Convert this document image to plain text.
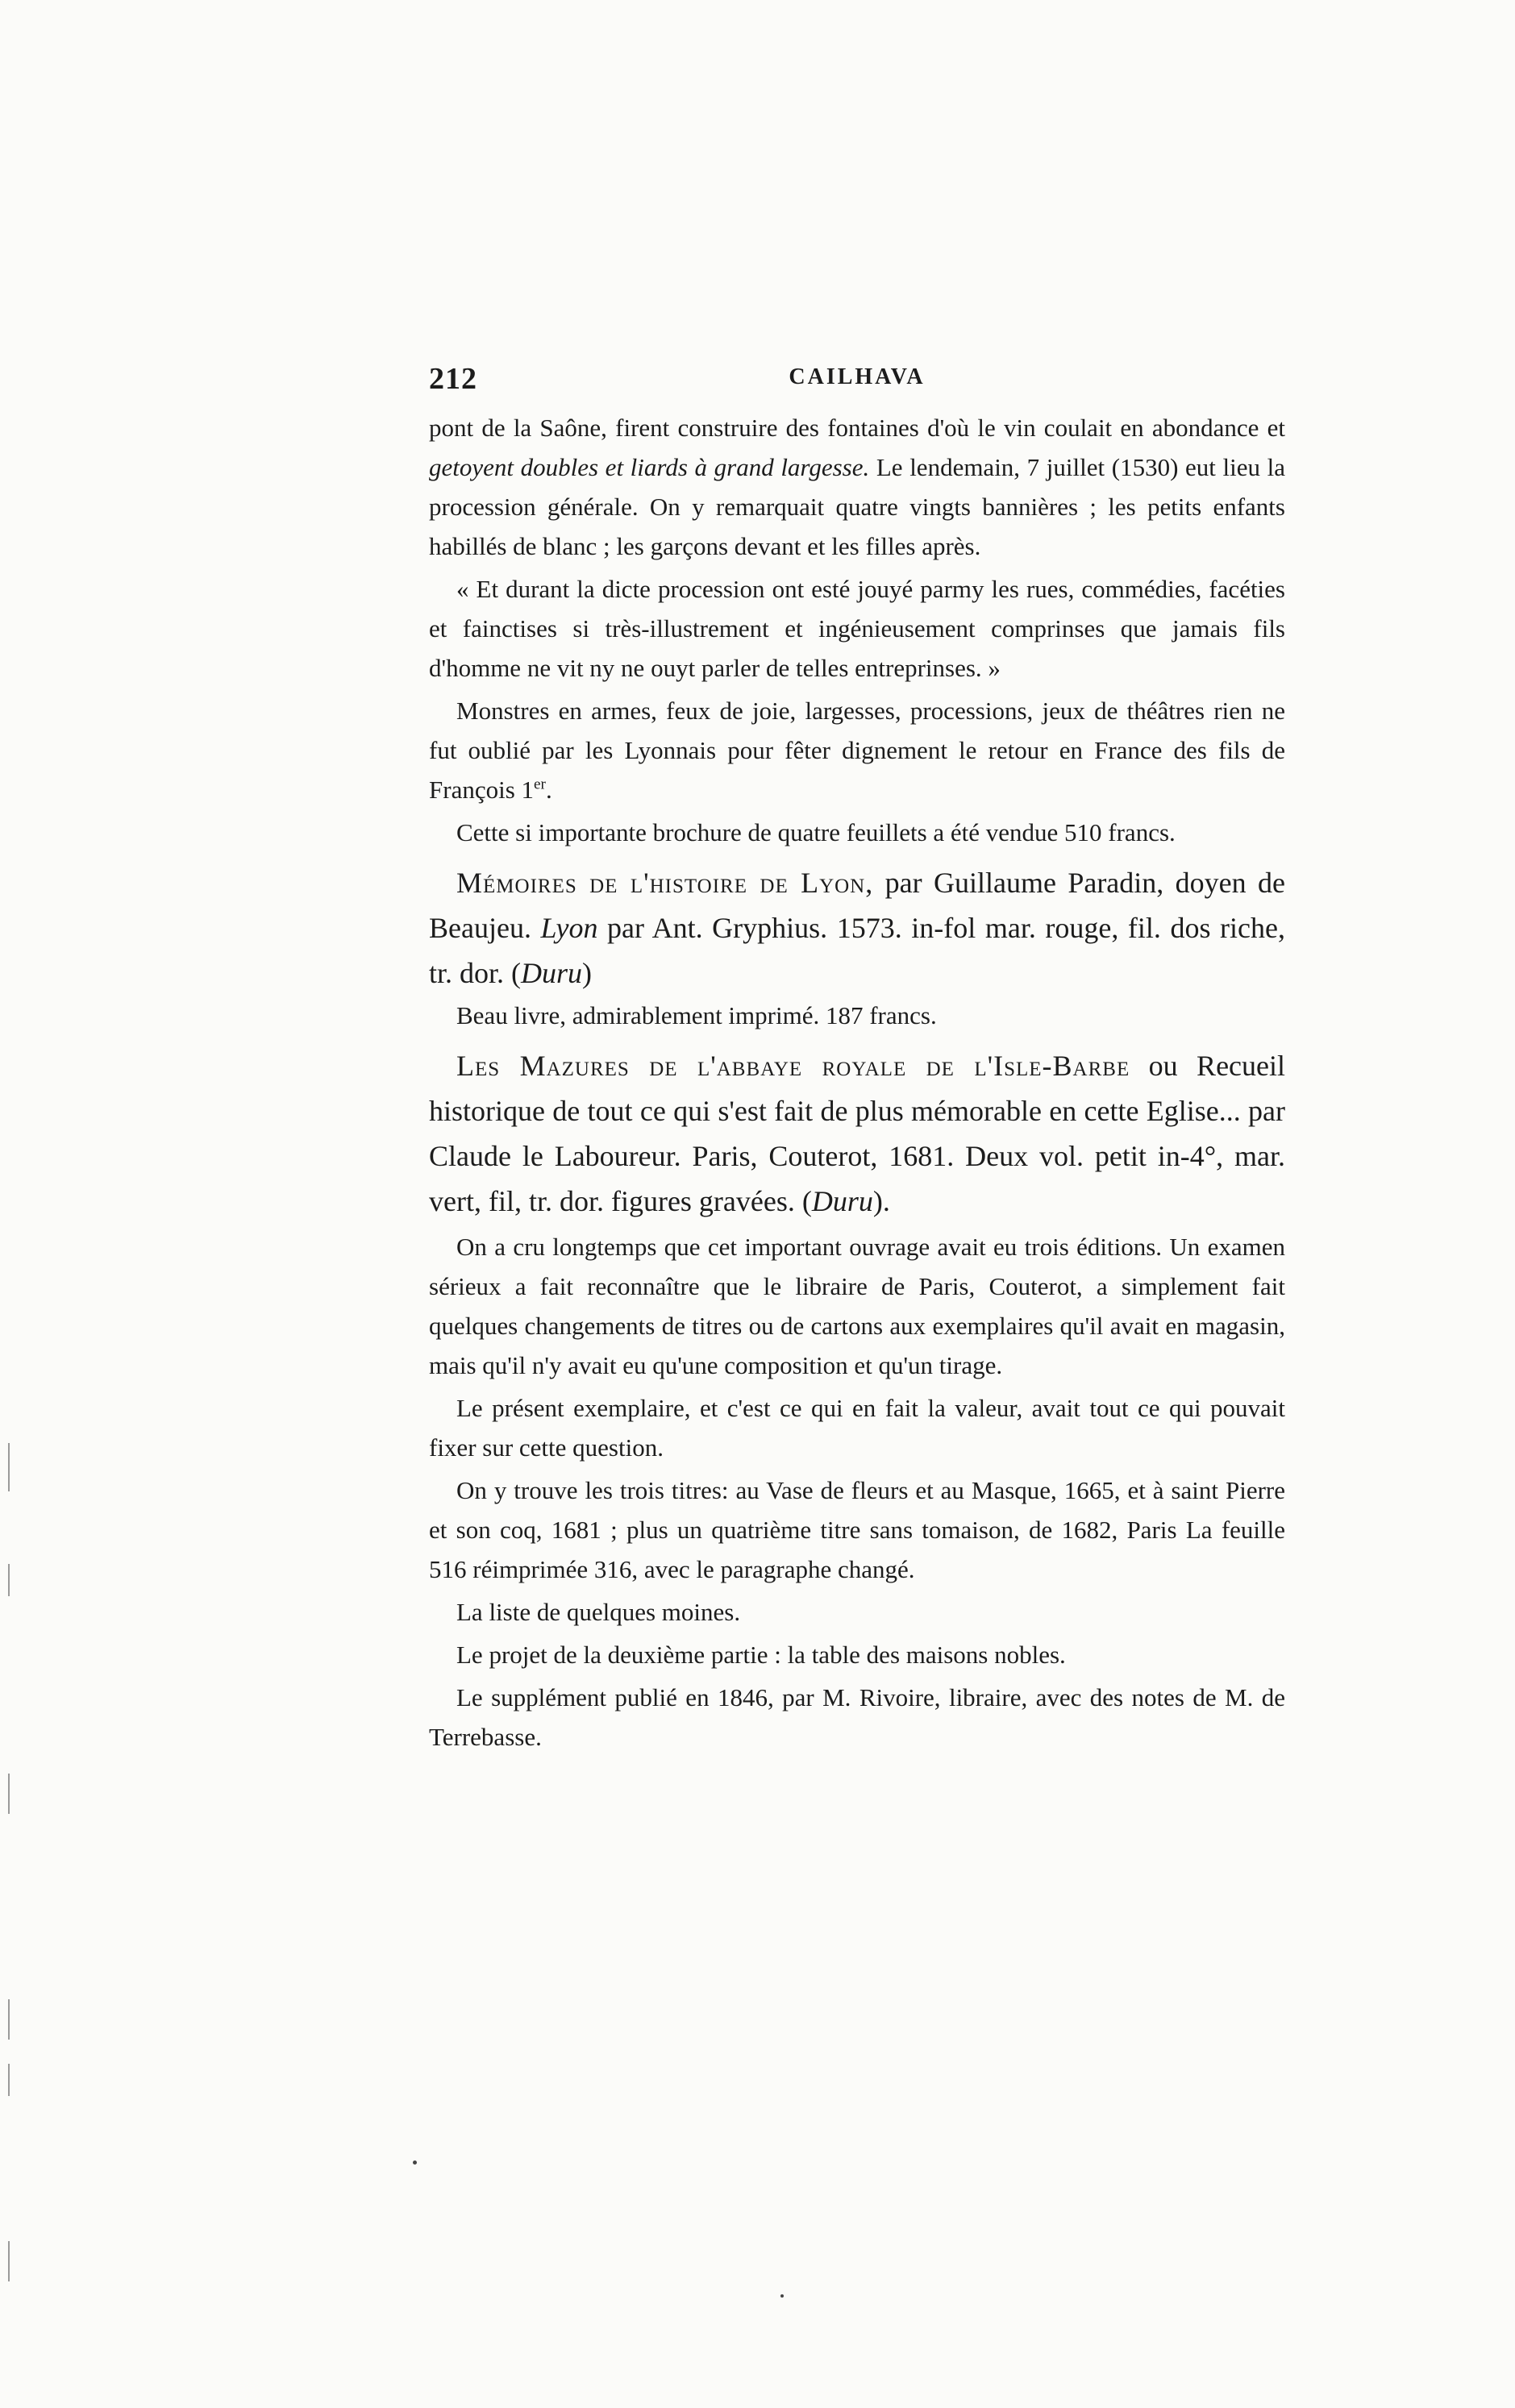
212	CAILHAVA

pont de la Saône, firent construire des fontaines d'où le vin coulait en abondance et getoyent doubles et liards à grand largesse. Le lendemain, 7 juillet (1530) eut lieu la procession générale. On y remarquait quatre vingts bannières ; les petits enfants habillés de blanc ; les garçons devant et les filles après.

« Et durant la dicte procession ont esté jouyé parmy les rues, commédies, facéties et fainctises si très-illustrement et ingénieusement comprinses que jamais fils d'homme ne vit ny ne ouyt parler de telles entreprinses. »

Monstres en armes, feux de joie, largesses, processions, jeux de théâtres rien ne fut oublié par les Lyonnais pour fêter dignement le retour en France des fils de François 1er.

Cette si importante brochure de quatre feuillets a été vendue 510 francs.

Mémoires de l'histoire de Lyon, par Guillaume Paradin, doyen de Beaujeu. Lyon par Ant. Gryphius. 1573. in-fol mar. rouge, fil. dos riche, tr. dor. (Duru)

Beau livre, admirablement imprimé. 187 francs.

Les Mazures de l'abbaye royale de l'Isle-Barbe ou Recueil historique de tout ce qui s'est fait de plus mémorable en cette Eglise... par Claude le Laboureur. Paris, Couterot, 1681. Deux vol. petit in-4°, mar. vert, fil, tr. dor. figures gravées. (Duru).

On a cru longtemps que cet important ouvrage avait eu trois éditions. Un examen sérieux a fait reconnaître que le libraire de Paris, Couterot, a simplement fait quelques changements de titres ou de cartons aux exemplaires qu'il avait en magasin, mais qu'il n'y avait eu qu'une composition et qu'un tirage.

Le présent exemplaire, et c'est ce qui en fait la valeur, avait tout ce qui pouvait fixer sur cette question.

On y trouve les trois titres: au Vase de fleurs et au Masque, 1665, et à saint Pierre et son coq, 1681 ; plus un quatrième titre sans tomaison, de 1682, Paris La feuille 516 réimprimée 316, avec le paragraphe changé.

La liste de quelques moines.

Le projet de la deuxième partie : la table des maisons nobles.

Le supplément publié en 1846, par M. Rivoire, libraire, avec des notes de M. de Terrebasse.
